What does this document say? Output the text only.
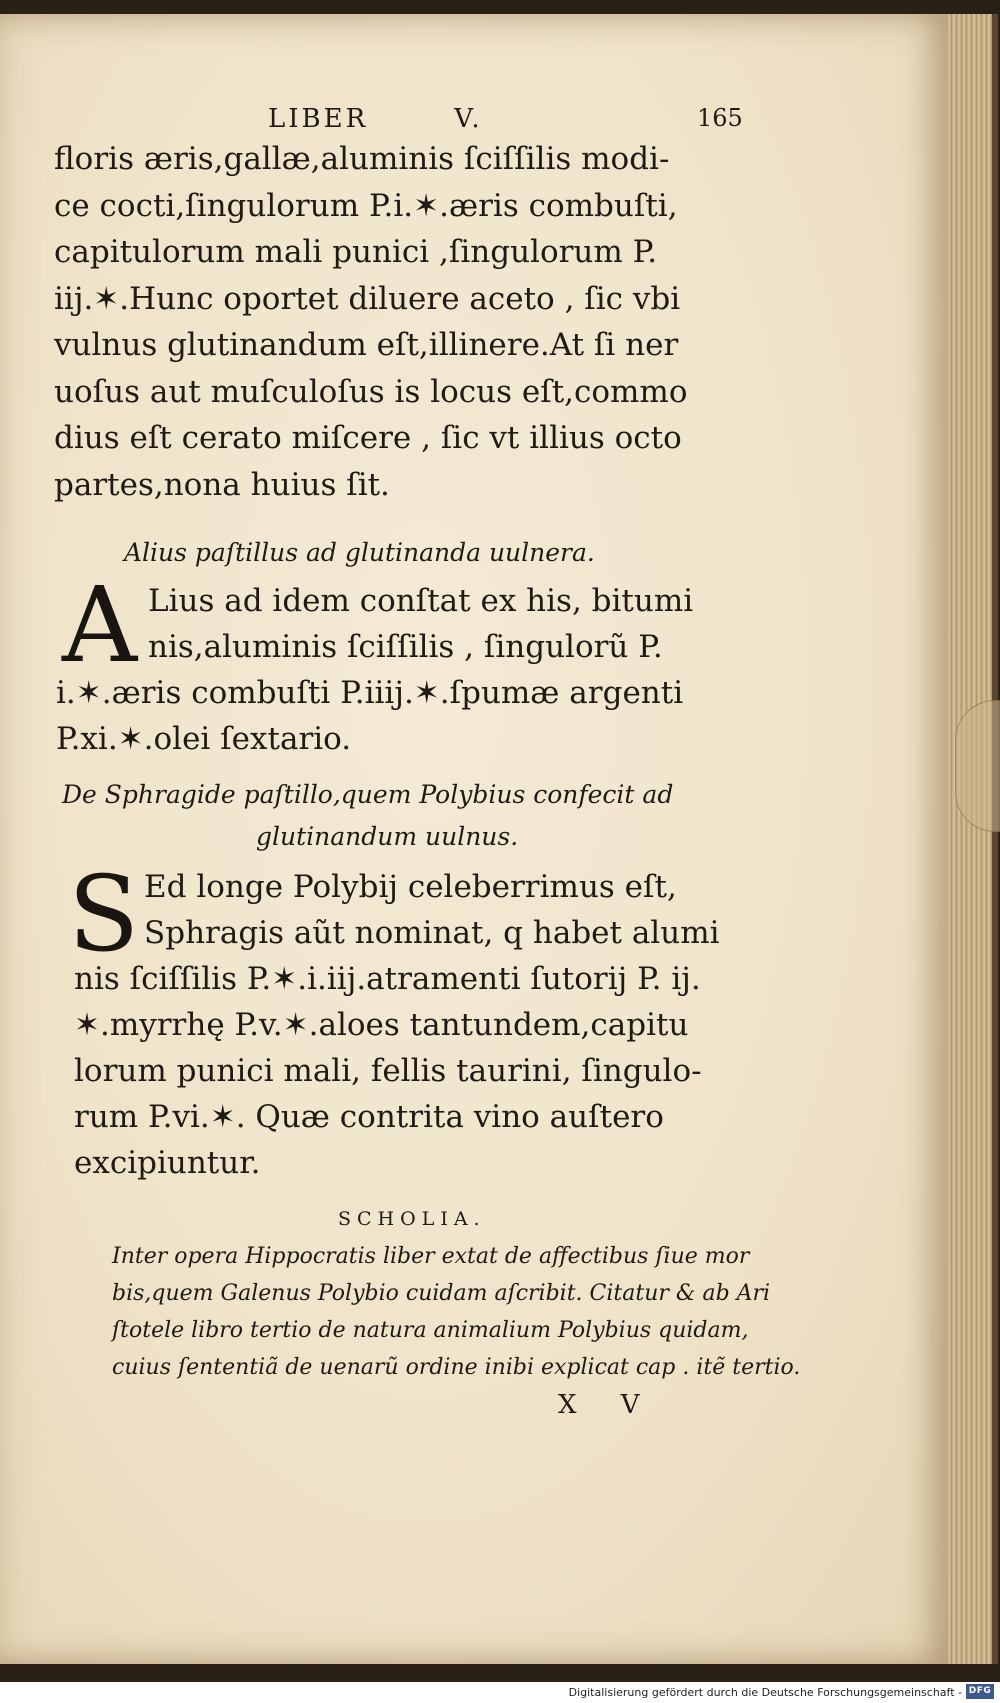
LIBER	V.	165
floris æris,gallæ,aluminis ſciſſilis modi-
ce cocti,ſingulorum P.i.✶.æris combuſti,
capitulorum mali punici ,ſingulorum P.
iij.✶.Hunc oportet diluere aceto , ſic vbi
vulnus glutinandum eſt,illinere.At ſi ner
uoſus aut muſculoſus is locus eſt,commo
dius eſt cerato miſcere , ſic vt illius octo
partes,nona huius ſit.
Alius paſtillus ad glutinanda uulnera.
A Lius ad idem conſtat ex his, bitumi
nis,aluminis ſciſſilis , ſingulorũ P.
i.✶.æris combuſti P.iiij.✶.ſpumæ argenti
P.xi.✶.olei ſextario.
De Sphragide paſtillo,quem Polybius confecit ad
glutinandum uulnus.
S Ed longe Polybij celeberrimus eſt,
Sphragis aũt nominat, q habet alumi
nis ſciſſilis P.✶.i.iij.atramenti ſutorij P. ij.
✶.myrrhę P.v.✶.aloes tantundem,capitu
lorum punici mali, fellis taurini, ſingulo-
rum P.vi.✶. Quæ contrita vino auſtero
excipiuntur.
SCHOLIA.
Inter opera Hippocratis liber extat de affectibus ſiue mor
bis,quem Galenus Polybio cuidam aſcribit. Citatur & ab Ari
ſtotele libro tertio de natura animalium Polybius quidam,
cuius ſententiã de uenarũ ordine inibi explicat cap . itẽ tertio.
X V
Digitalisierung gefördert durch die Deutsche Forschungsgemeinschaft - DFG
